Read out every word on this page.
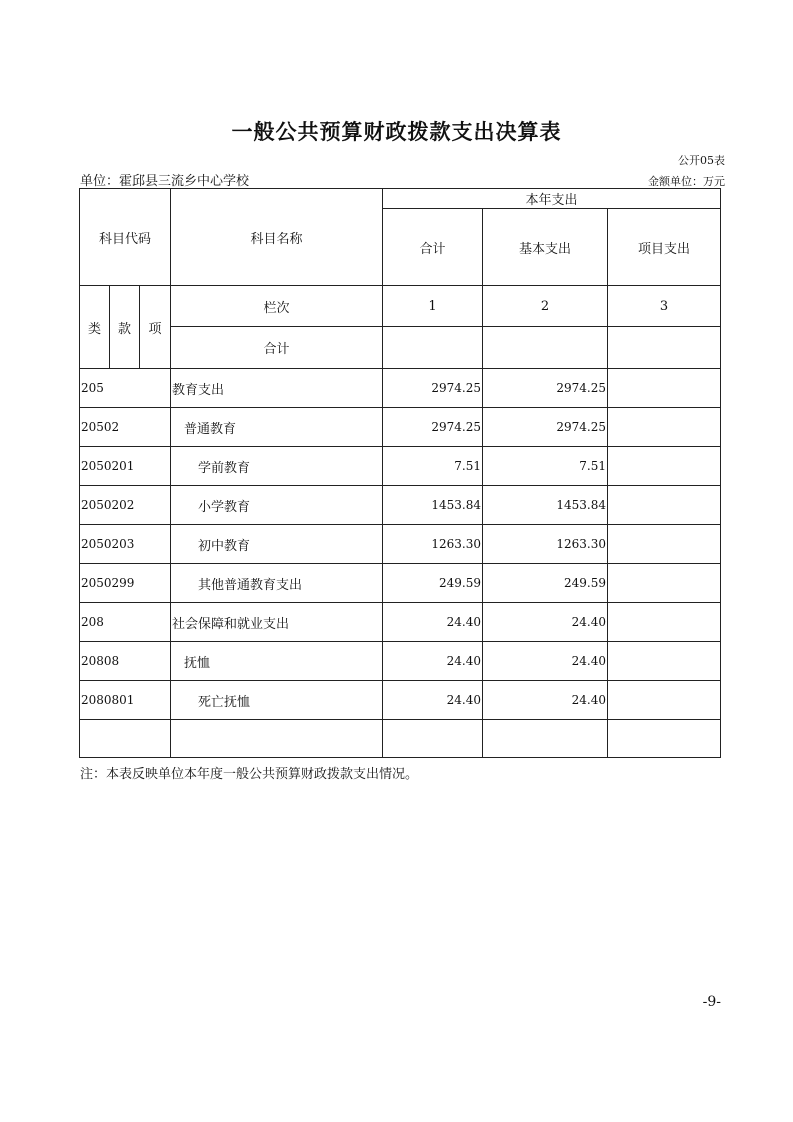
一般公共预算财政拨款支出决算表
公开05表
单位：霍邱县三流乡中心学校	金额单位：万元
科目代码			科目名称	本年支出		
				合计	基本支出	项目支出
类	款	项	栏次	1	2	3
			合计			
205			教育支出	2974.25	2974.25	
20502			普通教育	2974.25	2974.25	
2050201			学前教育	7.51	7.51	
2050202			小学教育	1453.84	1453.84	
2050203			初中教育	1263.30	1263.30	
2050299			其他普通教育支出	249.59	249.59	
208			社会保障和就业支出	24.40	24.40	
20808			抚恤	24.40	24.40	
2080801			死亡抚恤	24.40	24.40	

注：本表反映单位本年度一般公共预算财政拨款支出情况。
-9-
